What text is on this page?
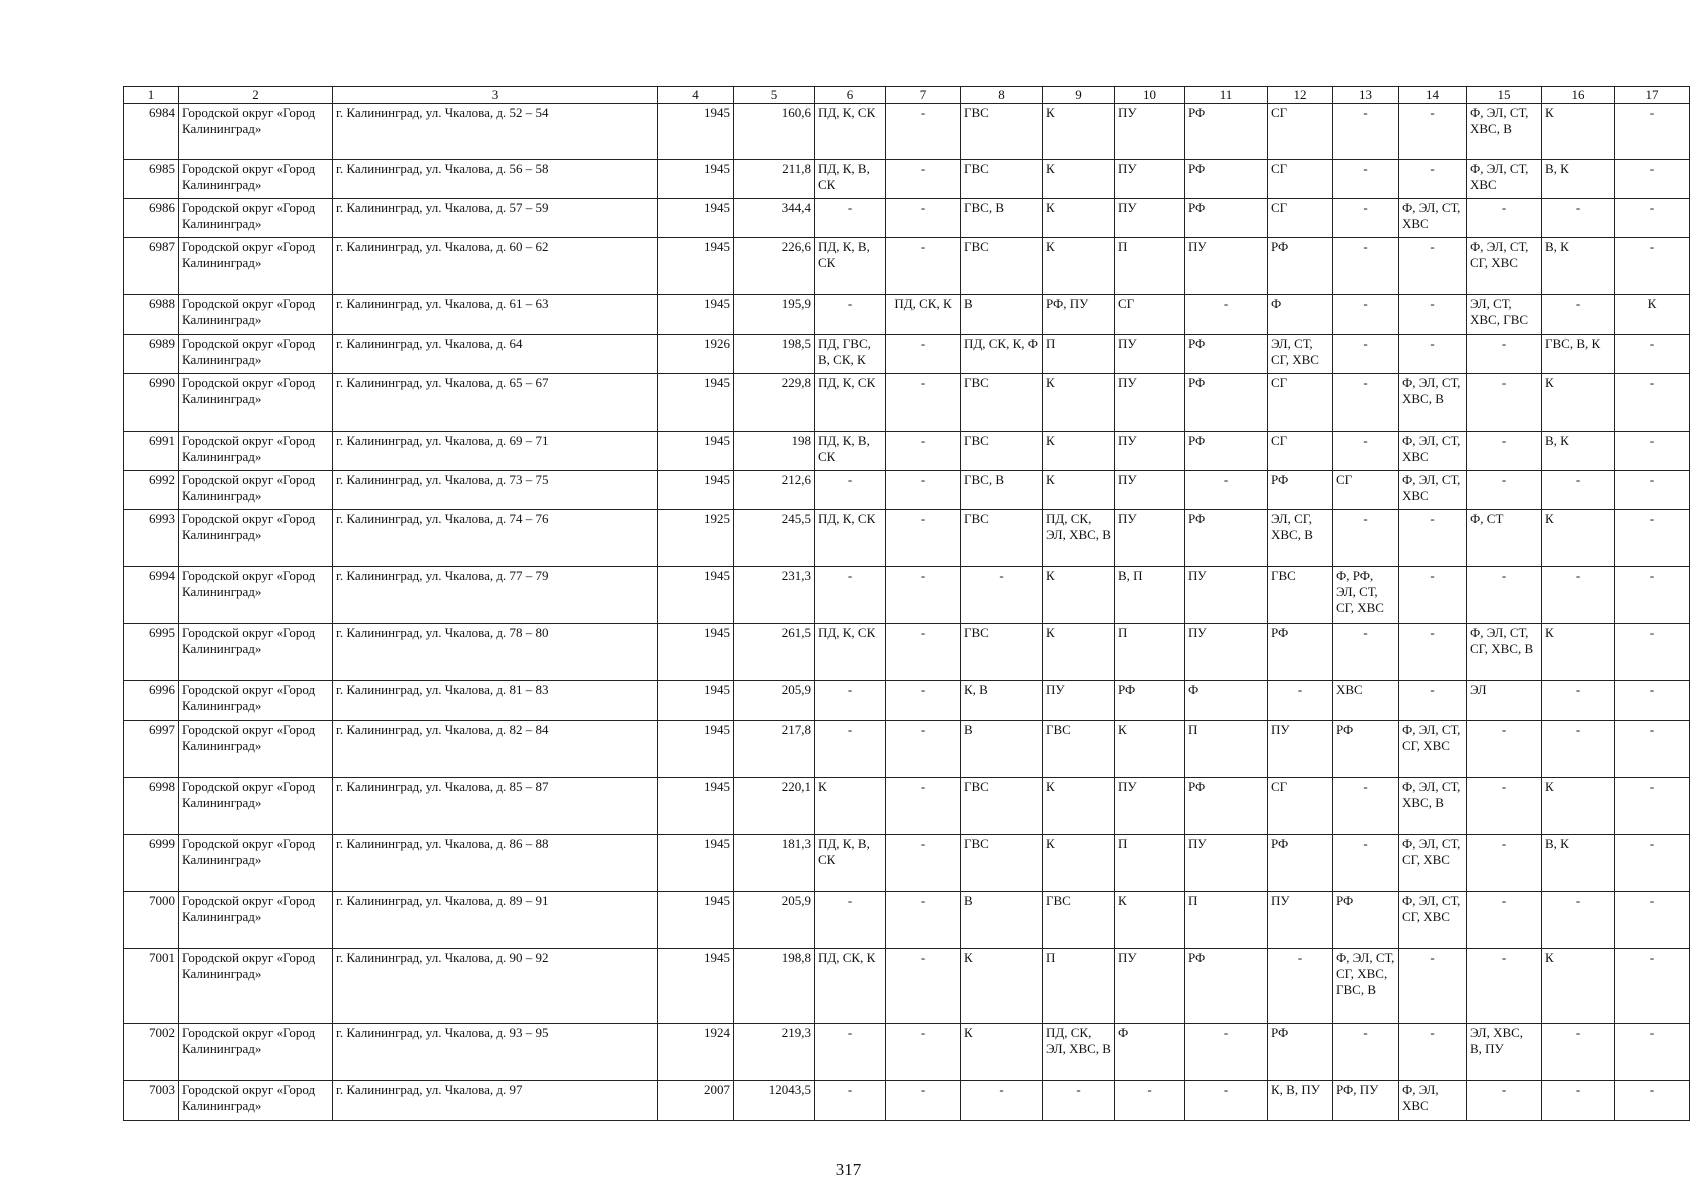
1	2	3	4	5	6	7	8	9	10	11	12	13	14	15	16	17
6984	Городской округ «Город Калининград»	г. Калининград, ул. Чкалова, д. 52 – 54	1945	160,6	ПД, К, СК	-	ГВС	К	ПУ	РФ	СГ	-	-	Ф, ЭЛ, СТ, ХВС, В	К	-
6985	Городской округ «Город Калининград»	г. Калининград, ул. Чкалова, д. 56 – 58	1945	211,8	ПД, К, В, СК	-	ГВС	К	ПУ	РФ	СГ	-	-	Ф, ЭЛ, СТ, ХВС	В, К	-
6986	Городской округ «Город Калининград»	г. Калининград, ул. Чкалова, д. 57 – 59	1945	344,4	-	-	ГВС, В	К	ПУ	РФ	СГ	-	Ф, ЭЛ, СТ, ХВС	-	-	-
6987	Городской округ «Город Калининград»	г. Калининград, ул. Чкалова, д. 60 – 62	1945	226,6	ПД, К, В, СК	-	ГВС	К	П	ПУ	РФ	-	-	Ф, ЭЛ, СТ, СГ, ХВС	В, К	-
6988	Городской округ «Город Калининград»	г. Калининград, ул. Чкалова, д. 61 – 63	1945	195,9	-	ПД, СК, К	В	РФ, ПУ	СГ	-	Ф	-	-	ЭЛ, СТ, ХВС, ГВС	-	К
6989	Городской округ «Город Калининград»	г. Калининград, ул. Чкалова, д. 64	1926	198,5	ПД, ГВС, В, СК, К	-	ПД, СК, К, Ф	П	ПУ	РФ	ЭЛ, СТ, СГ, ХВС	-	-	-	ГВС, В, К	-
6990	Городской округ «Город Калининград»	г. Калининград, ул. Чкалова, д. 65 – 67	1945	229,8	ПД, К, СК	-	ГВС	К	ПУ	РФ	СГ	-	Ф, ЭЛ, СТ, ХВС, В	-	К	-
6991	Городской округ «Город Калининград»	г. Калининград, ул. Чкалова, д. 69 – 71	1945	198	ПД, К, В, СК	-	ГВС	К	ПУ	РФ	СГ	-	Ф, ЭЛ, СТ, ХВС	-	В, К	-
6992	Городской округ «Город Калининград»	г. Калининград, ул. Чкалова, д. 73 – 75	1945	212,6	-	-	ГВС, В	К	ПУ	-	РФ	СГ	Ф, ЭЛ, СТ, ХВС	-	-	-
6993	Городской округ «Город Калининград»	г. Калининград, ул. Чкалова, д. 74 – 76	1925	245,5	ПД, К, СК	-	ГВС	ПД, СК, ЭЛ, ХВС, В	ПУ	РФ	ЭЛ, СГ, ХВС, В	-	-	Ф, СТ	К	-
6994	Городской округ «Город Калининград»	г. Калининград, ул. Чкалова, д. 77 – 79	1945	231,3	-	-	-	К	В, П	ПУ	ГВС	Ф, РФ, ЭЛ, СТ, СГ, ХВС	-	-	-	-
6995	Городской округ «Город Калининград»	г. Калининград, ул. Чкалова, д. 78 – 80	1945	261,5	ПД, К, СК	-	ГВС	К	П	ПУ	РФ	-	-	Ф, ЭЛ, СТ, СГ, ХВС, В	К	-
6996	Городской округ «Город Калининград»	г. Калининград, ул. Чкалова, д. 81 – 83	1945	205,9	-	-	К, В	ПУ	РФ	Ф	-	ХВС	-	ЭЛ	-	-
6997	Городской округ «Город Калининград»	г. Калининград, ул. Чкалова, д. 82 – 84	1945	217,8	-	-	В	ГВС	К	П	ПУ	РФ	Ф, ЭЛ, СТ, СГ, ХВС	-	-	-
6998	Городской округ «Город Калининград»	г. Калининград, ул. Чкалова, д. 85 – 87	1945	220,1	К	-	ГВС	К	ПУ	РФ	СГ	-	Ф, ЭЛ, СТ, ХВС, В	-	К	-
6999	Городской округ «Город Калининград»	г. Калининград, ул. Чкалова, д. 86 – 88	1945	181,3	ПД, К, В, СК	-	ГВС	К	П	ПУ	РФ	-	Ф, ЭЛ, СТ, СГ, ХВС	-	В, К	-
7000	Городской округ «Город Калининград»	г. Калининград, ул. Чкалова, д. 89 – 91	1945	205,9	-	-	В	ГВС	К	П	ПУ	РФ	Ф, ЭЛ, СТ, СГ, ХВС	-	-	-
7001	Городской округ «Город Калининград»	г. Калининград, ул. Чкалова, д. 90 – 92	1945	198,8	ПД, СК, К	-	К	П	ПУ	РФ	-	Ф, ЭЛ, СТ, СГ, ХВС, ГВС, В	-	-	К	-
7002	Городской округ «Город Калининград»	г. Калининград, ул. Чкалова, д. 93 – 95	1924	219,3	-	-	К	ПД, СК, ЭЛ, ХВС, В	Ф	-	РФ	-	-	ЭЛ, ХВС, В, ПУ	-	-
7003	Городской округ «Город Калининград»	г. Калининград, ул. Чкалова, д. 97	2007	12043,5	-	-	-	-	-	-	К, В, ПУ	РФ, ПУ	Ф, ЭЛ, ХВС	-	-	-
317
